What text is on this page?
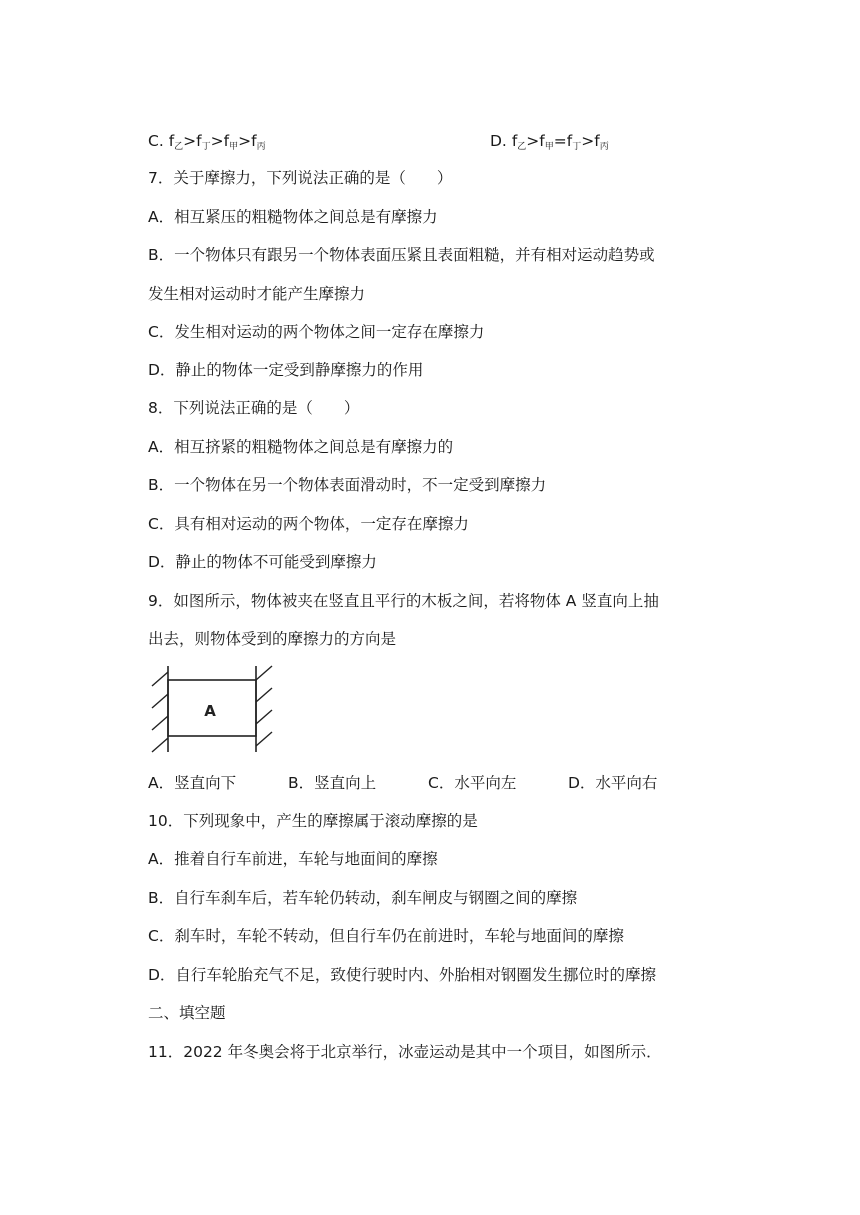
C. $f_乙>f_丁>f_甲>f_丙$	D. $f_乙>f_甲=f_丁>f_丙$
7．关于摩擦力，下列说法正确的是（　　）
A．相互紧压的粗糙物体之间总是有摩擦力
B．一个物体只有跟另一个物体表面压紧且表面粗糙，并有相对运动趋势或
发生相对运动时才能产生摩擦力
C．发生相对运动的两个物体之间一定存在摩擦力
D．静止的物体一定受到静摩擦力的作用
8．下列说法正确的是（　　）
A．相互挤紧的粗糙物体之间总是有摩擦力的
B．一个物体在另一个物体表面滑动时，不一定受到摩擦力
C．具有相对运动的两个物体，一定存在摩擦力
D．静止的物体不可能受到摩擦力
9．如图所示，物体被夹在竖直且平行的木板之间，若将物体 A 竖直向上抽
出去，则物体受到的摩擦力的方向是
A
A．竖直向下	B．竖直向上	C．水平向左	D．水平向右
10．下列现象中，产生的摩擦属于滚动摩擦的是
A．推着自行车前进，车轮与地面间的摩擦
B．自行车刹车后，若车轮仍转动，刹车闸皮与钢圈之间的摩擦
C．刹车时，车轮不转动，但自行车仍在前进时，车轮与地面间的摩擦
D．自行车轮胎充气不足，致使行驶时内、外胎相对钢圈发生挪位时的摩擦
二、填空题
11．2022 年冬奥会将于北京举行，冰壶运动是其中一个项目，如图所示．
